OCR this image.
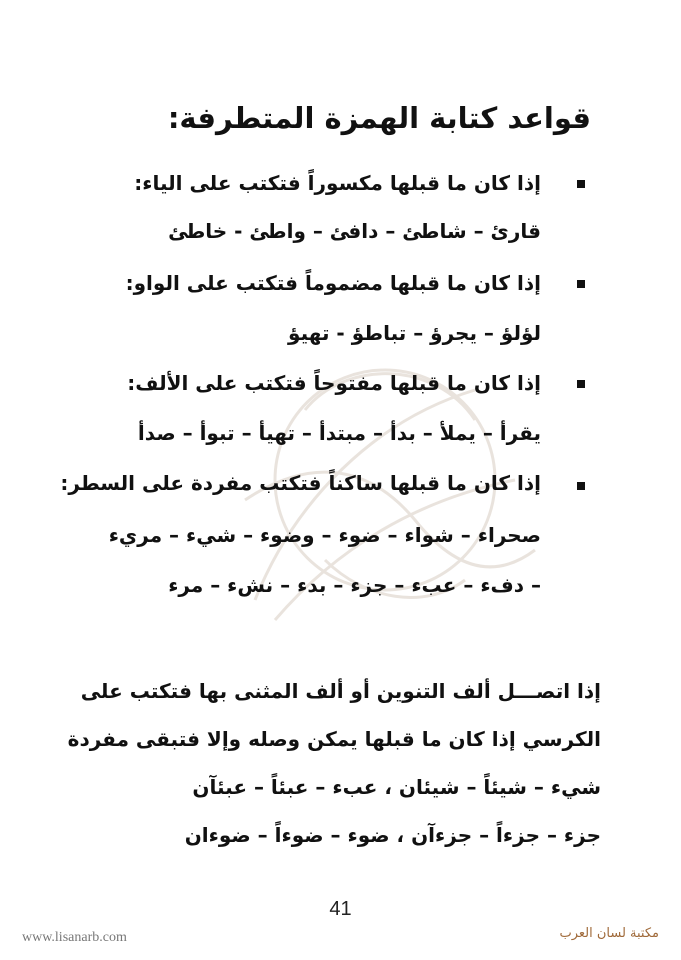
قواعد كتابة الهمزة المتطرفة:
إذا كان ما قبلها مكسوراً فتكتب على الياء:
قارئ – شاطئ – دافئ – واطئ - خاطئ
إذا كان ما قبلها مضموماً فتكتب على الواو:
لؤلؤ – يجرؤ – تباطؤ - تهيؤ
إذا كان ما قبلها مفتوحاً فتكتب على الألف:
يقرأ – يملأ – بدأ – مبتدأ – تهيأ – تبوأ – صدأ
إذا كان ما قبلها ساكناً فتكتب مفردة على السطر:
صحراء – شواء – ضوء – وضوء – شيء – مريء
– دفء – عبء – جزء – بدء – نشء – مرء
إذا اتصـــل ألف التنوين أو ألف المثنى بها فتكتب على
الكرسي إذا كان ما قبلها يمكن وصله وإلا فتبقى مفردة
شيء – شيئاً – شيئان ، عبء – عبئاً – عبئآن
جزء – جزءاً – جزءآن ، ضوء – ضوءاً – ضوءان
41
www.lisanarb.com	مكتبة لسان العرب
